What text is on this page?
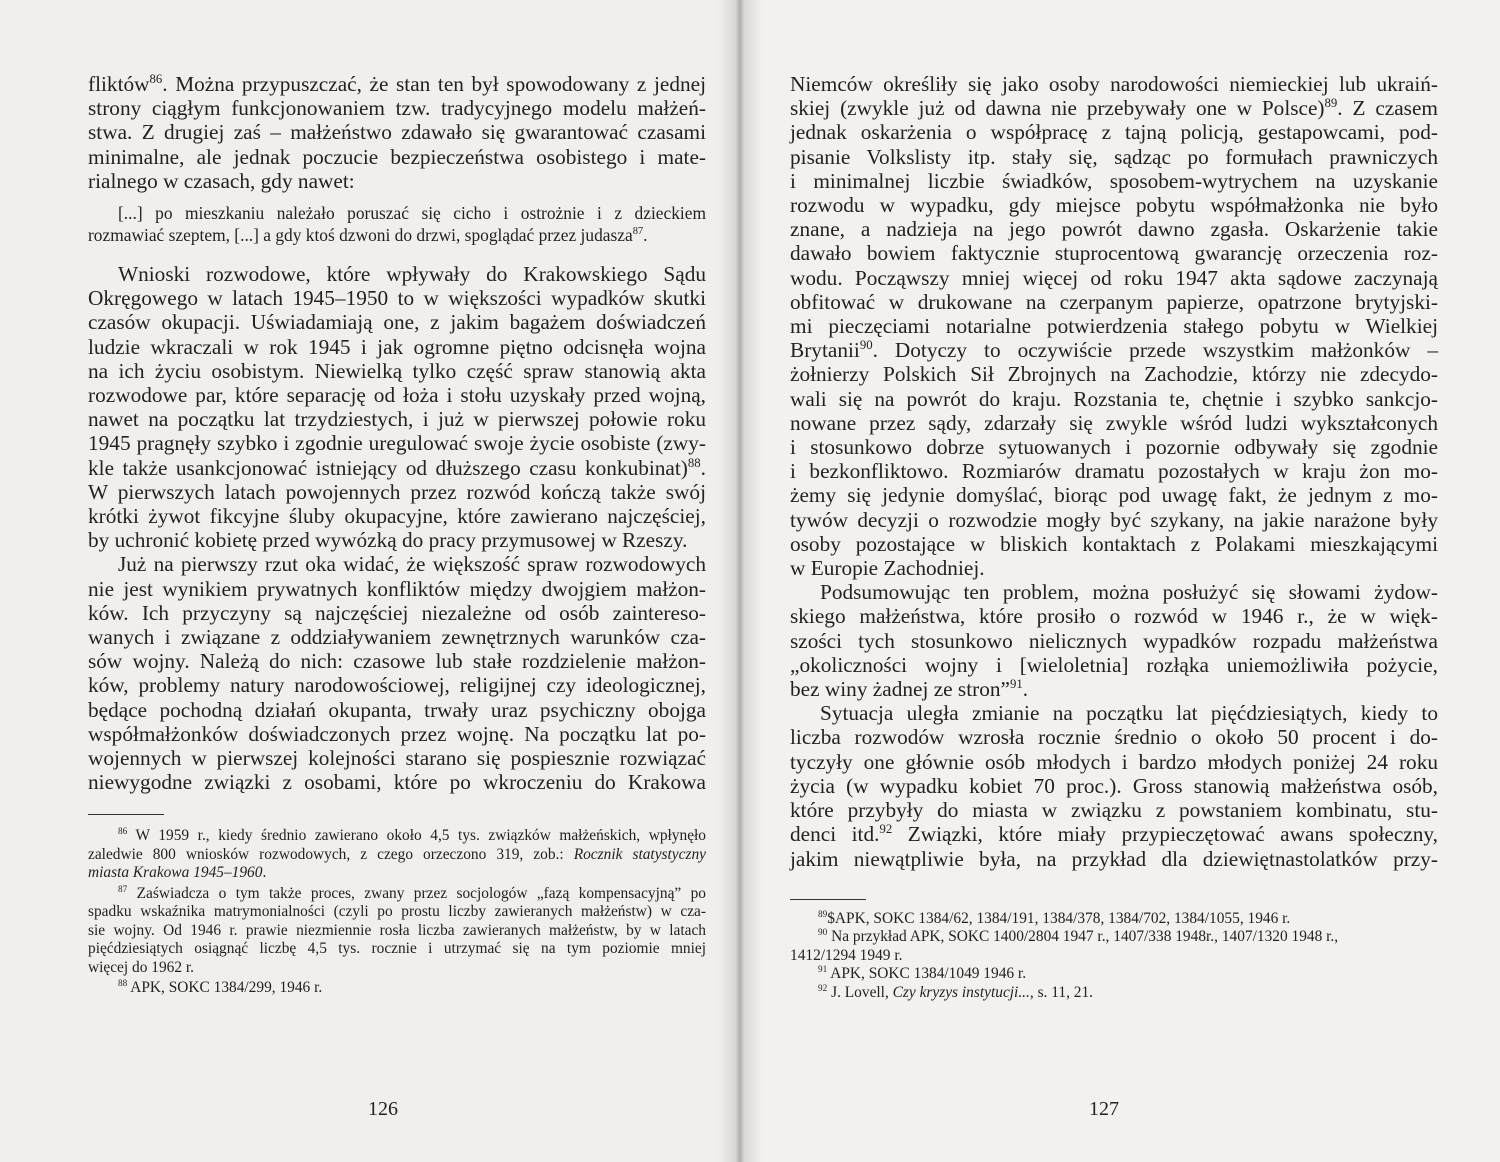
fliktów$^{86}$. Można przypuszczać, że stan ten był spowodowany z jednej
strony ciągłym funkcjonowaniem tzw. tradycyjnego modelu małżeń-
stwa. Z drugiej zaś – małżeństwo zdawało się gwarantować czasami
minimalne, ale jednak poczucie bezpieczeństwa osobistego i mate-
rialnego w czasach, gdy nawet:
[...] po mieszkaniu należało poruszać się cicho i ostrożnie i z dzieckiem
rozmawiać szeptem, [...] a gdy ktoś dzwoni do drzwi, spoglądać przez judasza$^{87}$.
Wnioski rozwodowe, które wpływały do Krakowskiego Sądu
Okręgowego w latach 1945–1950 to w większości wypadków skutki
czasów okupacji. Uświadamiają one, z jakim bagażem doświadczeń
ludzie wkraczali w rok 1945 i jak ogromne piętno odcisnęła wojna
na ich życiu osobistym. Niewielką tylko część spraw stanowią akta
rozwodowe par, które separację od łoża i stołu uzyskały przed wojną,
nawet na początku lat trzydziestych, i już w pierwszej połowie roku
1945 pragnęły szybko i zgodnie uregulować swoje życie osobiste (zwy-
kle także usankcjonować istniejący od dłuższego czasu konkubinat)$^{88}$.
W pierwszych latach powojennych przez rozwód kończą także swój
krótki żywot fikcyjne śluby okupacyjne, które zawierano najczęściej,
by uchronić kobietę przed wywózką do pracy przymusowej w Rzeszy.
Już na pierwszy rzut oka widać, że większość spraw rozwodowych
nie jest wynikiem prywatnych konfliktów między dwojgiem małżon-
ków. Ich przyczyny są najczęściej niezależne od osób zaintereso-
wanych i związane z oddziaływaniem zewnętrznych warunków cza-
sów wojny. Należą do nich: czasowe lub stałe rozdzielenie małżon-
ków, problemy natury narodowościowej, religijnej czy ideologicznej,
będące pochodną działań okupanta, trwały uraz psychiczny obojga
współmałżonków doświadczonych przez wojnę. Na początku lat po-
wojennych w pierwszej kolejności starano się pospiesznie rozwiązać
niewygodne związki z osobami, które po wkroczeniu do Krakowa
$^{86}$ W 1959 r., kiedy średnio zawierano około 4,5 tys. związków małżeńskich, wpłynęło
zaledwie 800 wniosków rozwodowych, z czego orzeczono 319, zob.: Rocznik statystyczny
miasta Krakowa 1945–1960.
$^{87}$ Zaświadcza o tym także proces, zwany przez socjologów „fazą kompensacyjną” po
spadku wskaźnika matrymonialności (czyli po prostu liczby zawieranych małżeństw) w cza-
sie wojny. Od 1946 r. prawie niezmiennie rosła liczba zawieranych małżeństw, by w latach
pięćdziesiątych osiągnąć liczbę 4,5 tys. rocznie i utrzymać się na tym poziomie mniej
więcej do 1962 r.
$^{88}$ APK, SOKC 1384/299, 1946 r.
126
Niemców określiły się jako osoby narodowości niemieckiej lub ukraiń-
skiej (zwykle już od dawna nie przebywały one w Polsce)$^{89}$. Z czasem
jednak oskarżenia o współpracę z tajną policją, gestapowcami, pod-
pisanie Volkslisty itp. stały się, sądząc po formułach prawniczych
i minimalnej liczbie świadków, sposobem-wytrychem na uzyskanie
rozwodu w wypadku, gdy miejsce pobytu współmałżonka nie było
znane, a nadzieja na jego powrót dawno zgasła. Oskarżenie takie
dawało bowiem faktycznie stuprocentową gwarancję orzeczenia roz-
wodu. Począwszy mniej więcej od roku 1947 akta sądowe zaczynają
obfitować w drukowane na czerpanym papierze, opatrzone brytyjski-
mi pieczęciami notarialne potwierdzenia stałego pobytu w Wielkiej
Brytanii$^{90}$. Dotyczy to oczywiście przede wszystkim małżonków –
żołnierzy Polskich Sił Zbrojnych na Zachodzie, którzy nie zdecydo-
wali się na powrót do kraju. Rozstania te, chętnie i szybko sankcjo-
nowane przez sądy, zdarzały się zwykle wśród ludzi wykształconych
i stosunkowo dobrze sytuowanych i pozornie odbywały się zgodnie
i bezkonfliktowo. Rozmiarów dramatu pozostałych w kraju żon mo-
żemy się jedynie domyślać, biorąc pod uwagę fakt, że jednym z mo-
tywów decyzji o rozwodzie mogły być szykany, na jakie narażone były
osoby pozostające w bliskich kontaktach z Polakami mieszkającymi
w Europie Zachodniej.
Podsumowując ten problem, można posłużyć się słowami żydow-
skiego małżeństwa, które prosiło o rozwód w 1946 r., że w więk-
szości tych stosunkowo nielicznych wypadków rozpadu małżeństwa
„okoliczności wojny i [wieloletnia] rozłąka uniemożliwiła pożycie,
bez winy żadnej ze stron”$^{91}$.
Sytuacja uległa zmianie na początku lat pięćdziesiątych, kiedy to
liczba rozwodów wzrosła rocznie średnio o około 50 procent i do-
tyczyły one głównie osób młodych i bardzo młodych poniżej 24 roku
życia (w wypadku kobiet 70 proc.). Gross stanowią małżeństwa osób,
które przybyły do miasta w związku z powstaniem kombinatu, stu-
denci itd.$^{92}$ Związki, które miały przypieczętować awans społeczny,
jakim niewątpliwie była, na przykład dla dziewiętnastolatków przy-
$^{89}$\$APK, SOKC 1384/62, 1384/191, 1384/378, 1384/702, 1384/1055, 1946 r.
$^{90}$ Na przykład APK, SOKC 1400/2804 1947 r., 1407/338 1948r., 1407/1320 1948 r.,
1412/1294 1949 r.
$^{91}$ APK, SOKC 1384/1049 1946 r.
$^{92}$ J. Lovell, Czy kryzys instytucji..., s. 11, 21.
127
